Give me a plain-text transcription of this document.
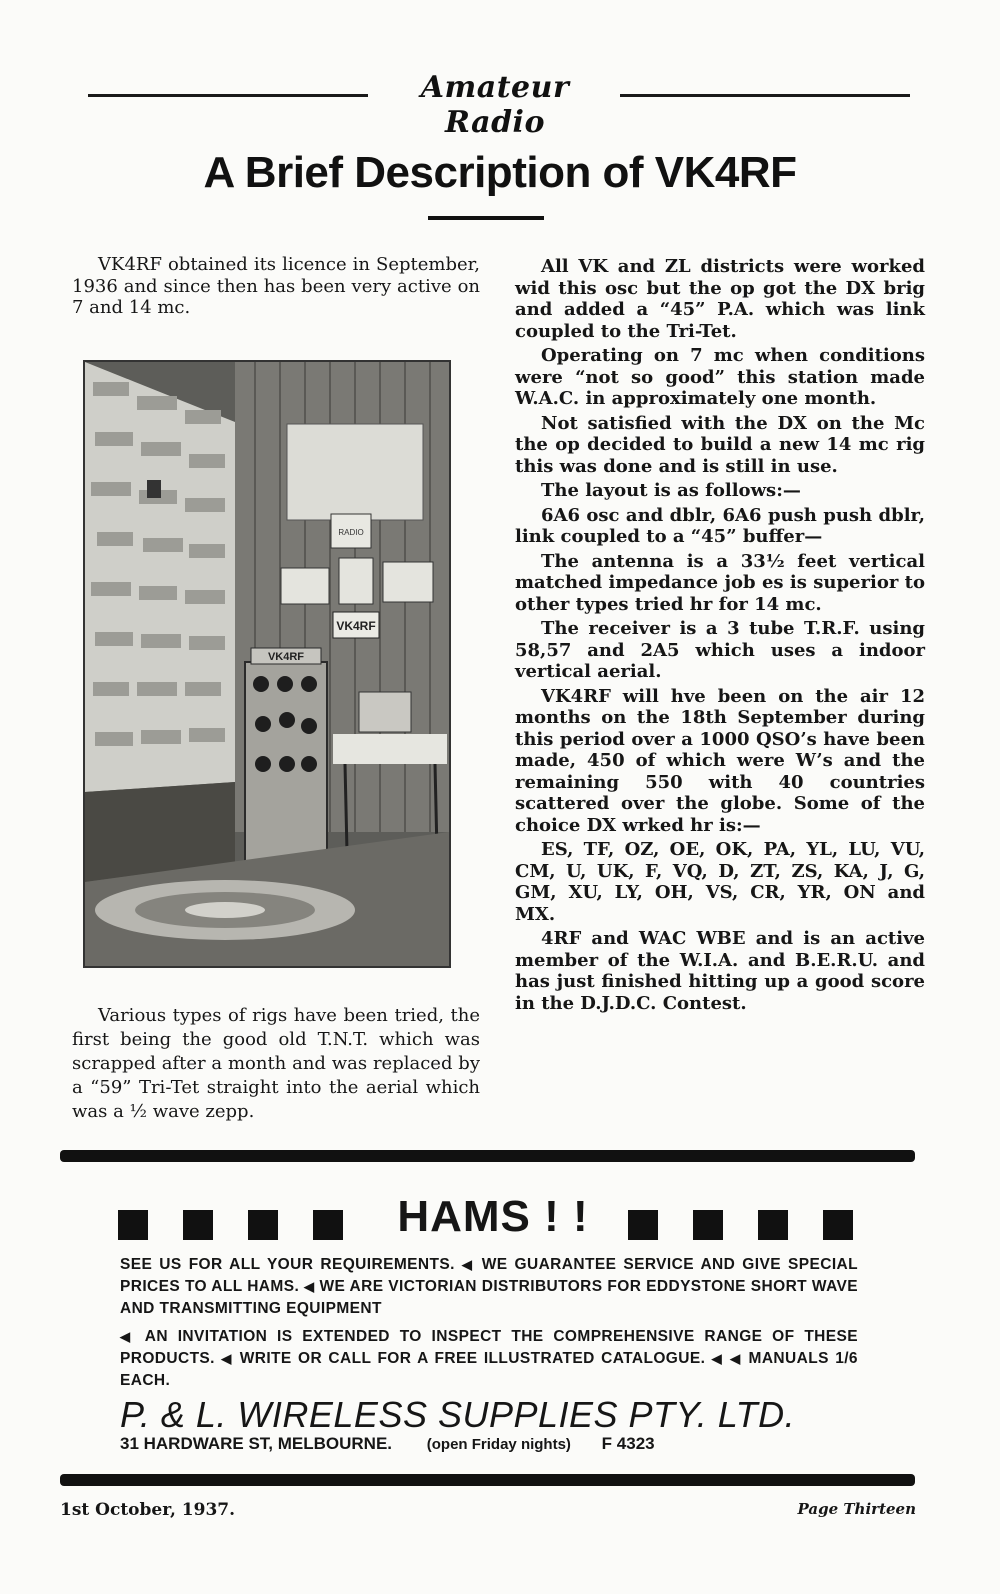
Amateur Radio
A Brief Description of VK4RF

VK4RF obtained its licence in September, 1936 and since then has been very active on 7 and 14 mc.

RADIO
VK4RF
VK4RF

Various types of rigs have been tried, the first being the good old T.N.T. which was scrapped after a month and was replaced by a “59” Tri-Tet straight into the aerial which was a ½ wave zepp.

All VK and ZL districts were worked wid this osc but the op got the DX brig and added a “45” P.A. which was link coupled to the Tri-Tet.

Operating on 7 mc when conditions were “not so good” this station made W.A.C. in approximately one month.

Not satisfied with the DX on the Mc the op decided to build a new 14 mc rig this was done and is still in use.

The layout is as follows:—

6A6 osc and dblr, 6A6 push push dblr, link coupled to a “45” buffer—

The antenna is a 33½ feet vertical matched impedance job es is superior to other types tried hr for 14 mc.

The receiver is a 3 tube T.R.F. using 58,57 and 2A5 which uses a indoor vertical aerial.

VK4RF will hve been on the air 12 months on the 18th September during this period over a 1000 QSO’s have been made, 450 of which were W’s and the remaining 550 with 40 countries scattered over the globe. Some of the choice DX wrked hr is:—

ES, TF, OZ, OE, OK, PA, YL, LU, VU, CM, U, UK, F, VQ, D, ZT, ZS, KA, J, G, GM, XU, LY, OH, VS, CR, YR, ON and MX.

4RF and WAC WBE and is an active member of the W.I.A. and B.E.R.U. and has just finished hitting up a good score in the D.J.D.C. Contest.

HAMS ! !
SEE US FOR ALL YOUR REQUIREMENTS. ◀ WE GUARANTEE SERVICE AND GIVE SPECIAL PRICES TO ALL HAMS. ◀ WE ARE VICTORIAN DISTRIBUTORS FOR EDDYSTONE SHORT WAVE AND TRANSMITTING EQUIPMENT
◀ AN INVITATION IS EXTENDED TO INSPECT THE COMPREHENSIVE RANGE OF THESE PRODUCTS. ◀ WRITE OR CALL FOR A FREE ILLUSTRATED CATALOGUE. ◀ ◀ MANUALS 1/6 EACH.
P. & L. WIRELESS SUPPLIES PTY. LTD.
31 HARDWARE ST, MELBOURNE. (open Friday nights) F 4323
1st October, 1937.	Page Thirteen
